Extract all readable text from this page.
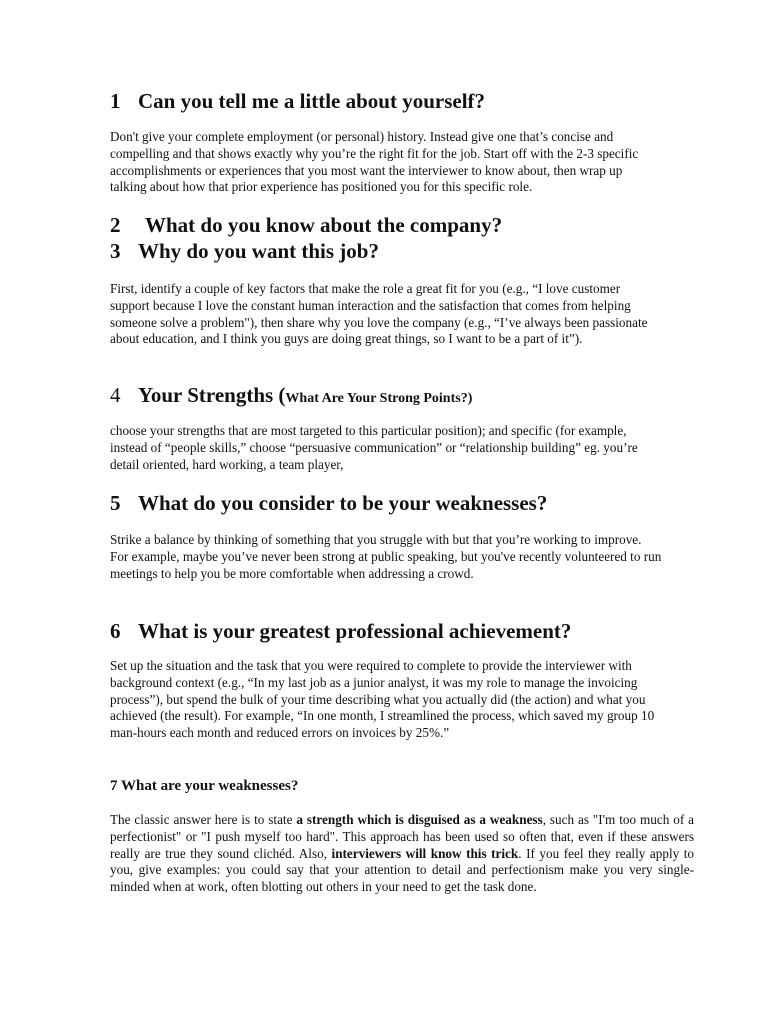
1 Can you tell me a little about yourself?

Don't give your complete employment (or personal) history. Instead give one that’s concise and compelling and that shows exactly why you’re the right fit for the job. Start off with the 2-3 specific accomplishments or experiences that you most want the interviewer to know about, then wrap up talking about how that prior experience has positioned you for this specific role.

2 What do you know about the company?
3 Why do you want this job?

First, identify a couple of key factors that make the role a great fit for you (e.g., “I love customer support because I love the constant human interaction and the satisfaction that comes from helping someone solve a problem"), then share why you love the company (e.g., “I’ve always been passionate about education, and I think you guys are doing great things, so I want to be a part of it”).

4 Your Strengths (What Are Your Strong Points?)

choose your strengths that are most targeted to this particular position); and specific (for example, instead of “people skills,” choose “persuasive communication” or “relationship building” eg. you’re detail oriented, hard working, a team player,

5 What do you consider to be your weaknesses?

Strike a balance by thinking of something that you struggle with but that you’re working to improve. For example, maybe you’ve never been strong at public speaking, but you've recently volunteered to run meetings to help you be more comfortable when addressing a crowd.

6 What is your greatest professional achievement?

Set up the situation and the task that you were required to complete to provide the interviewer with background context (e.g., “In my last job as a junior analyst, it was my role to manage the invoicing process”), but spend the bulk of your time describing what you actually did (the action) and what you achieved (the result). For example, “In one month, I streamlined the process, which saved my group 10 man-hours each month and reduced errors on invoices by 25%.”

7 What are your weaknesses?

The classic answer here is to state a strength which is disguised as a weakness, such as "I'm too much of a perfectionist" or "I push myself too hard". This approach has been used so often that, even if these answers really are true they sound clichéd. Also, interviewers will know this trick. If you feel they really apply to you, give examples: you could say that your attention to detail and perfectionism make you very single-minded when at work, often blotting out others in your need to get the task done.
